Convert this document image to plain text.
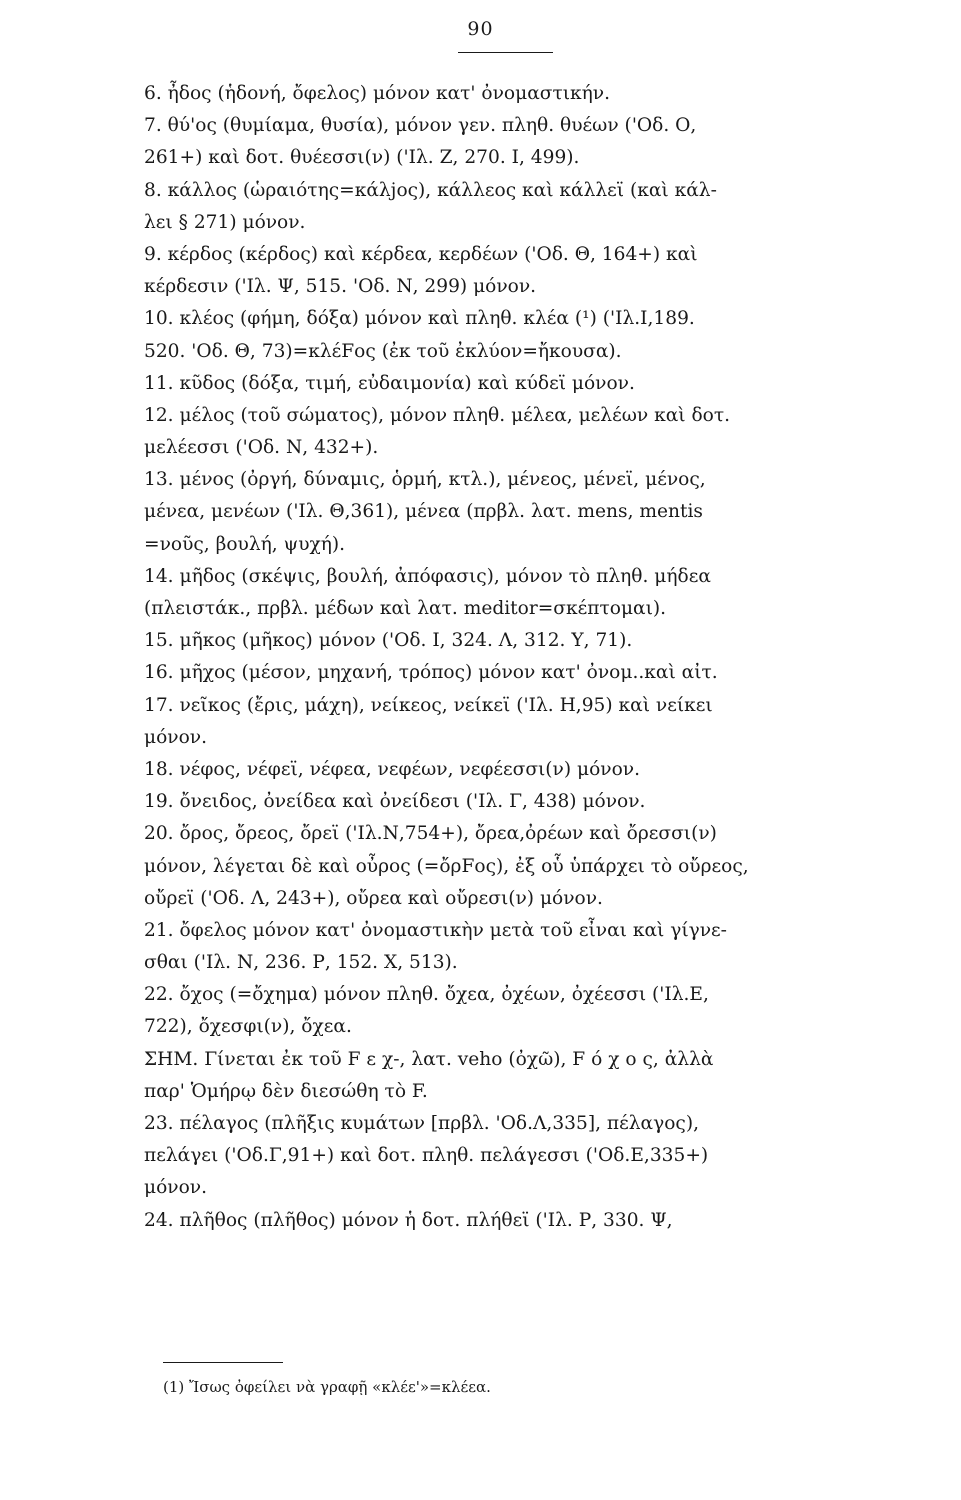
90
6. ἦδος (ἡδονή, ὄφελος) μόνον κατ' ὀνομαστικήν.
7. θύ'ος (θυμίαμα, θυσία), μόνον γεν. πληθ. θυέων ('Οδ. Ο,
261+) καὶ δοτ. θυέεσσι(ν) ('Ιλ. Ζ, 270. Ι, 499).
8. κάλλος (ὡραιότης=κάλjος), κάλλεος καὶ κάλλεϊ (καὶ κάλ-
λει § 271) μόνον.
9. κέρδος (κέρδος) καὶ κέρδεα, κερδέων ('Οδ. Θ, 164+) καὶ
κέρδεσιν ('Ιλ. Ψ, 515. 'Οδ. Ν, 299) μόνον.
10. κλέος (φήμη, δόξα) μόνον καὶ πληθ. κλέα (¹) ('Ιλ.Ι,189.
520. 'Οδ. Θ, 73)=κλέFος (ἐκ τοῦ ἐκλύον=ἤκουσα).
11. κῦδος (δόξα, τιμή, εὐδαιμονία) καὶ κύδεϊ μόνον.
12. μέλος (τοῦ σώματος), μόνον πληθ. μέλεα, μελέων καὶ δοτ.
μελέεσσι ('Οδ. Ν, 432+).
13. μένος (ὀργή, δύναμις, ὁρμή, κτλ.), μένεος, μένεϊ, μένος,
μένεα, μενέων ('Ιλ. Θ,361), μένεα (πρβλ. λατ. mens, mentis
=νοῦς, βουλή, ψυχή).
14. μῆδος (σκέψις, βουλή, ἀπόφασις), μόνον τὸ πληθ. μήδεα
(πλειστάκ., πρβλ. μέδων καὶ λατ. meditor=σκέπτομαι).
15. μῆκος (μῆκος) μόνον ('Οδ. Ι, 324. Λ, 312. Υ, 71).
16. μῆχος (μέσον, μηχανή, τρόπος) μόνον κατ' ὀνομ..καὶ αἰτ.
17. νεῖκος (ἔρις, μάχη), νείκεος, νείκεϊ ('Ιλ. Η,95) καὶ νείκει
μόνον.
18. νέφος, νέφεϊ, νέφεα, νεφέων, νεφέεσσι(ν) μόνον.
19. ὄνειδος, ὀνείδεα καὶ ὀνείδεσι ('Ιλ. Γ, 438) μόνον.
20. ὄρος, ὄρεος, ὄρεϊ ('Ιλ.Ν,754+), ὄρεα,ὀρέων καὶ ὄρεσσι(ν)
μόνον, λέγεται δὲ καὶ οὖρος (=ὄρFος), ἐξ οὗ ὑπάρχει τὸ οὔρεος,
οὔρεϊ ('Οδ. Λ, 243+), οὔρεα καὶ οὔρεσι(ν) μόνον.
21. ὄφελος μόνον κατ' ὀνομαστικὴν μετὰ τοῦ εἶναι καὶ γίγνε-
σθαι ('Ιλ. Ν, 236. Ρ, 152. Χ, 513).
22. ὄχος (=ὄχημα) μόνον πληθ. ὄχεα, ὀχέων, ὀχέεσσι ('Ιλ.Ε,
722), ὄχεσφι(ν), ὄχεα.
ΣΗΜ. Γίνεται ἐκ τοῦ F ε χ-, λατ. veho (ὀχῶ), F ό χ ο ς, ἀλλὰ
παρ' Ὁμήρῳ δὲν διεσώθη τὸ F.
23. πέλαγος (πλῆξις κυμάτων [πρβλ. 'Οδ.Λ,335], πέλαγος),
πελάγει ('Οδ.Γ,91+) καὶ δοτ. πληθ. πελάγεσσι ('Οδ.Ε,335+)
μόνον.
24. πλῆθος (πλῆθος) μόνον ἡ δοτ. πλήθεϊ ('Ιλ. Ρ, 330. Ψ,
(1) Ἴσως ὀφείλει νὰ γραφῇ «κλέε'»=κλέεα.
